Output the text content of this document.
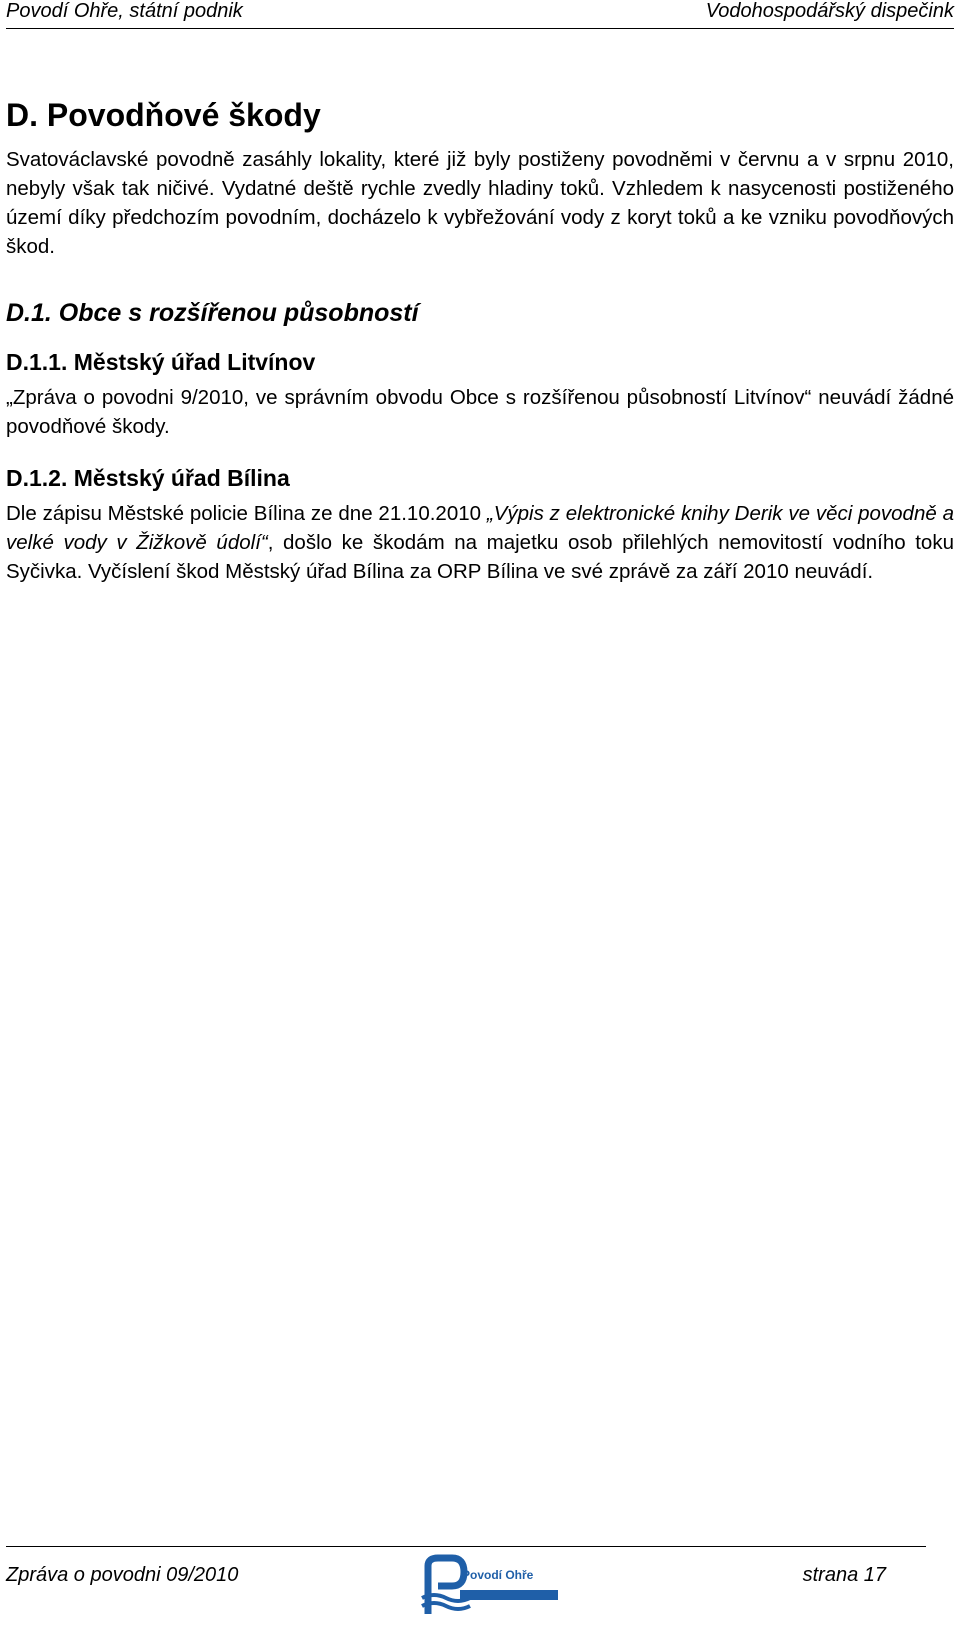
Povodí Ohře, státní podnik	Vodohospodářský dispečink
D. Povodňové škody

Svatováclavské povodně zasáhly lokality, které již byly postiženy povodněmi v červnu a v srpnu 2010, nebyly však tak ničivé. Vydatné deště rychle zvedly hladiny toků. Vzhledem k nasycenosti postiženého území díky předchozím povodním, docházelo k vybřežování vody z koryt toků a ke vzniku povodňových škod.

D.1. Obce s rozšířenou působností
D.1.1. Městský úřad Litvínov

„Zpráva o povodni 9/2010, ve správním obvodu Obce s rozšířenou působností Litvínov“ neuvádí žádné povodňové škody.

D.1.2. Městský úřad Bílina

Dle zápisu Městské policie Bílina ze dne 21.10.2010 „Výpis z elektronické knihy Derik ve věci povodně a velké vody v Žižkově údolí“, došlo ke škodám na majetku osob přilehlých nemovitostí vodního toku Syčivka. Vyčíslení škod Městský úřad Bílina za ORP Bílina ve své zprávě za září 2010 neuvádí.

Zpráva o povodni 09/2010	strana 17
Povodí Ohře
